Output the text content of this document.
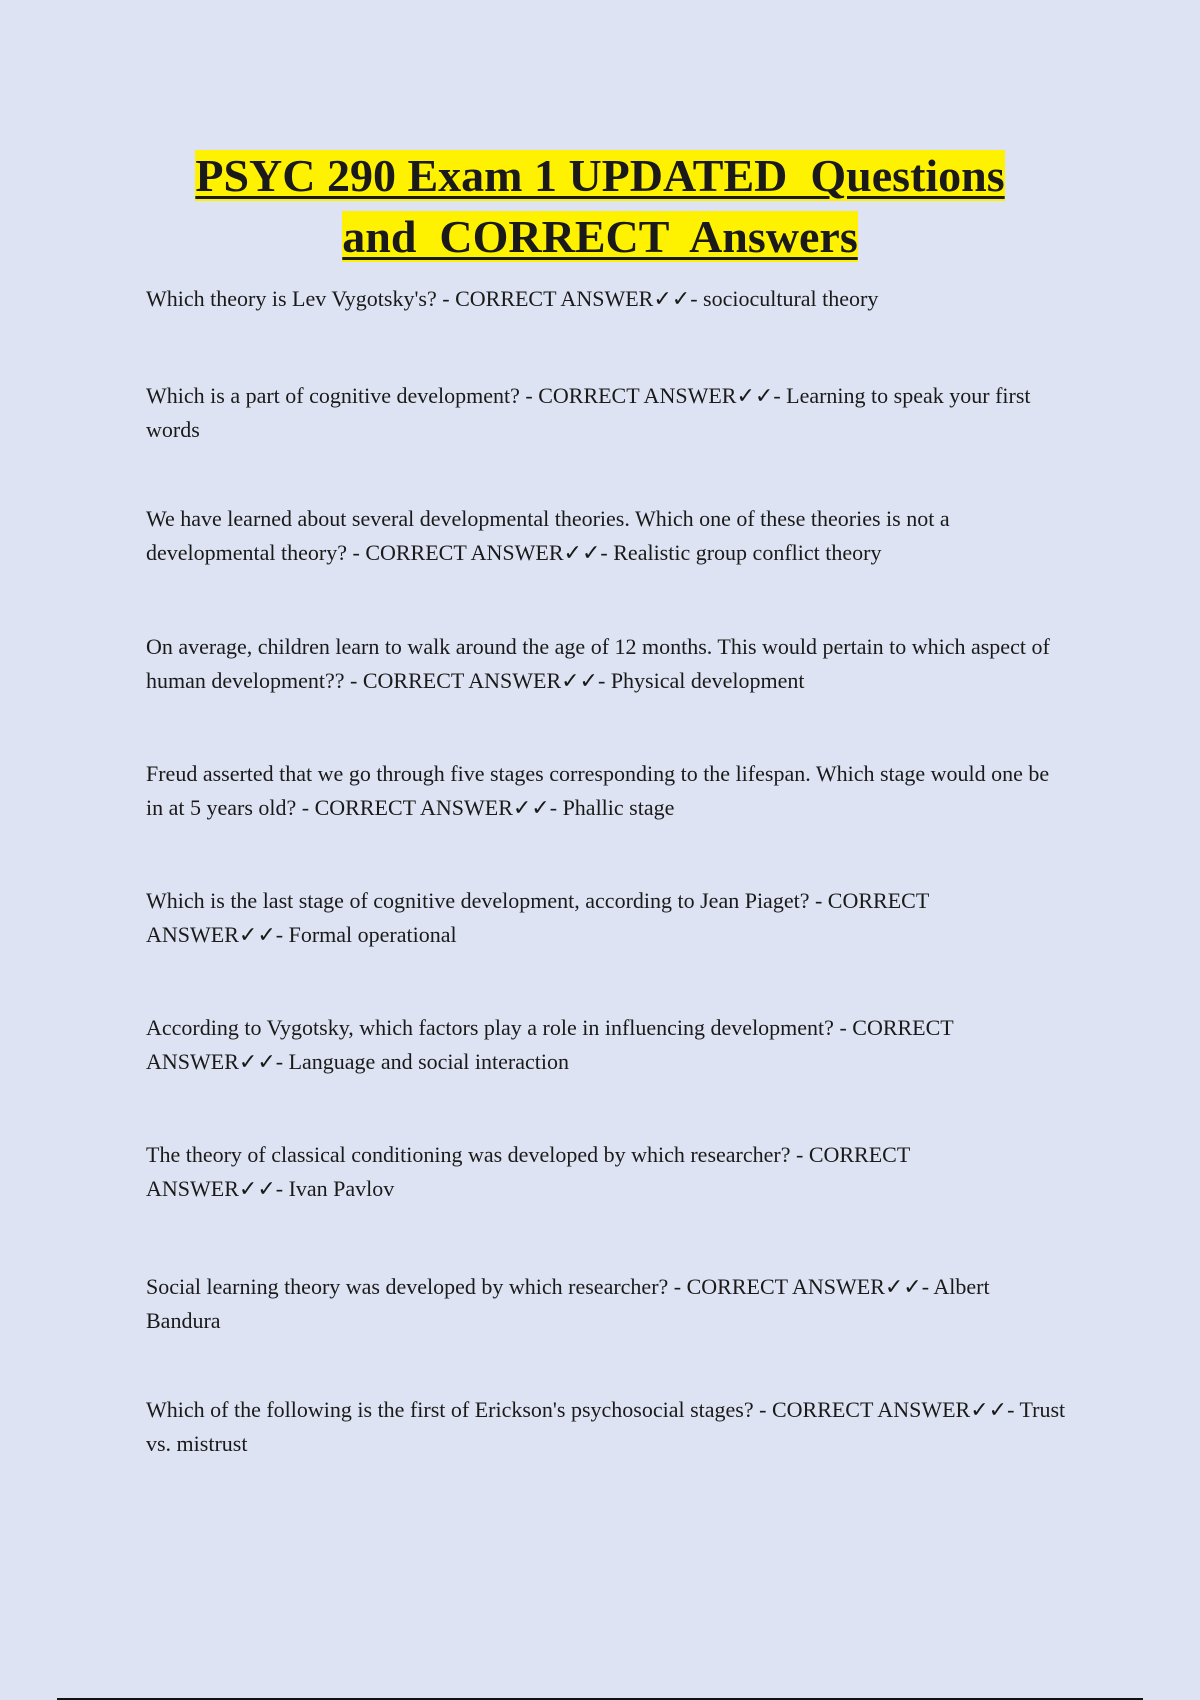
PSYC 290 Exam 1 UPDATED  Questions
and  CORRECT  Answers

Which theory is Lev Vygotsky's? - CORRECT ANSWER✓✓- sociocultural theory

Which is a part of cognitive development? - CORRECT ANSWER✓✓- Learning to speak your first words

We have learned about several developmental theories. Which one of these theories is not a developmental theory? - CORRECT ANSWER✓✓- Realistic group conflict theory

On average, children learn to walk around the age of 12 months. This would pertain to which aspect of human development?? - CORRECT ANSWER✓✓- Physical development

Freud asserted that we go through five stages corresponding to the lifespan. Which stage would one be in at 5 years old? - CORRECT ANSWER✓✓- Phallic stage

Which is the last stage of cognitive development, according to Jean Piaget? - CORRECT ANSWER✓✓- Formal operational

According to Vygotsky, which factors play a role in influencing development? - CORRECT ANSWER✓✓- Language and social interaction

The theory of classical conditioning was developed by which researcher? - CORRECT ANSWER✓✓- Ivan Pavlov

Social learning theory was developed by which researcher? - CORRECT ANSWER✓✓- Albert Bandura

Which of the following is the first of Erickson's psychosocial stages? - CORRECT ANSWER✓✓- Trust vs. mistrust
